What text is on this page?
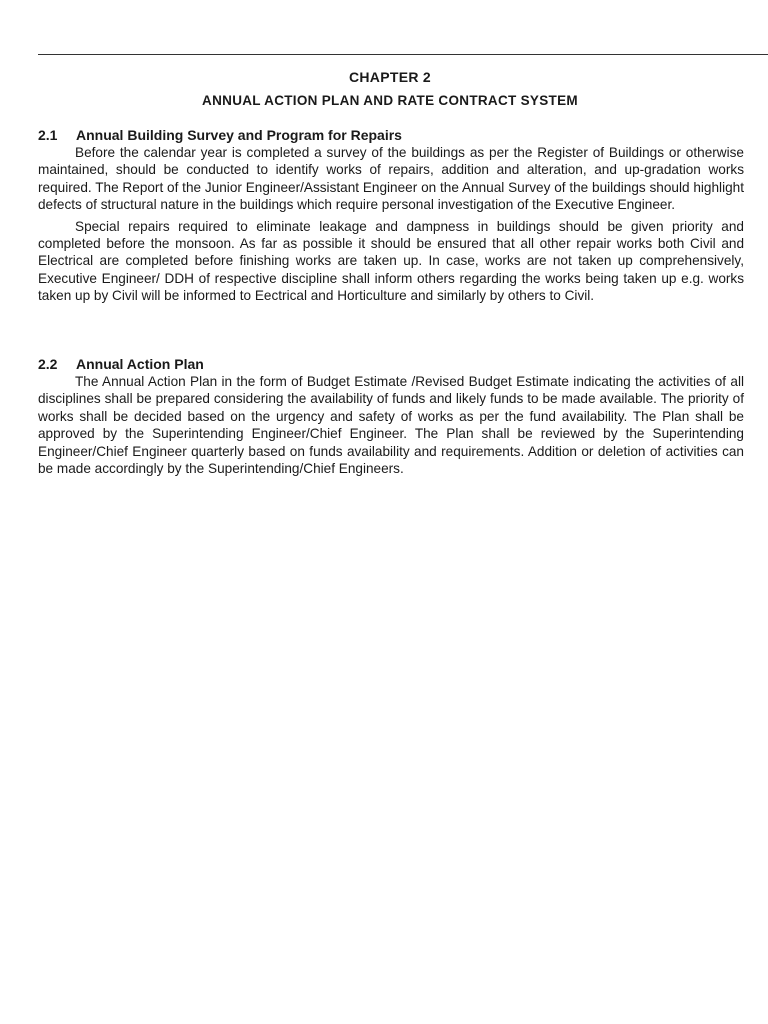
CHAPTER 2
ANNUAL ACTION PLAN AND RATE CONTRACT SYSTEM

2.1 Annual Building Survey and Program for Repairs

Before the calendar year is completed a survey of the buildings as per the Register of Buildings or otherwise maintained, should be conducted to identify works of repairs, addition and alteration, and up-gradation works required. The Report of the Junior Engineer/Assistant Engineer on the Annual Survey of the buildings should highlight defects of structural nature in the buildings which require personal investigation of the Executive Engineer.

Special repairs required to eliminate leakage and dampness in buildings should be given priority and completed before the monsoon. As far as possible it should be ensured that all other repair works both Civil and Electrical are completed before finishing works are taken up. In case, works are not taken up comprehensively, Executive Engineer/ DDH of respective discipline shall inform others regarding the works being taken up e.g. works taken up by Civil will be informed to Eectrical and Horticulture and similarly by others to Civil.

2.2 Annual Action Plan

The Annual Action Plan in the form of Budget Estimate /Revised Budget Estimate indicating the activities of all disciplines shall be prepared considering the availability of funds and likely funds to be made available. The priority of works shall be decided based on the urgency and safety of works as per the fund availability. The Plan shall be approved by the Superintending Engineer/Chief Engineer. The Plan shall be reviewed by the Superintending Engineer/Chief Engineer quarterly based on funds availability and requirements. Addition or deletion of activities can be made accordingly by the Superintending/Chief Engineers.
